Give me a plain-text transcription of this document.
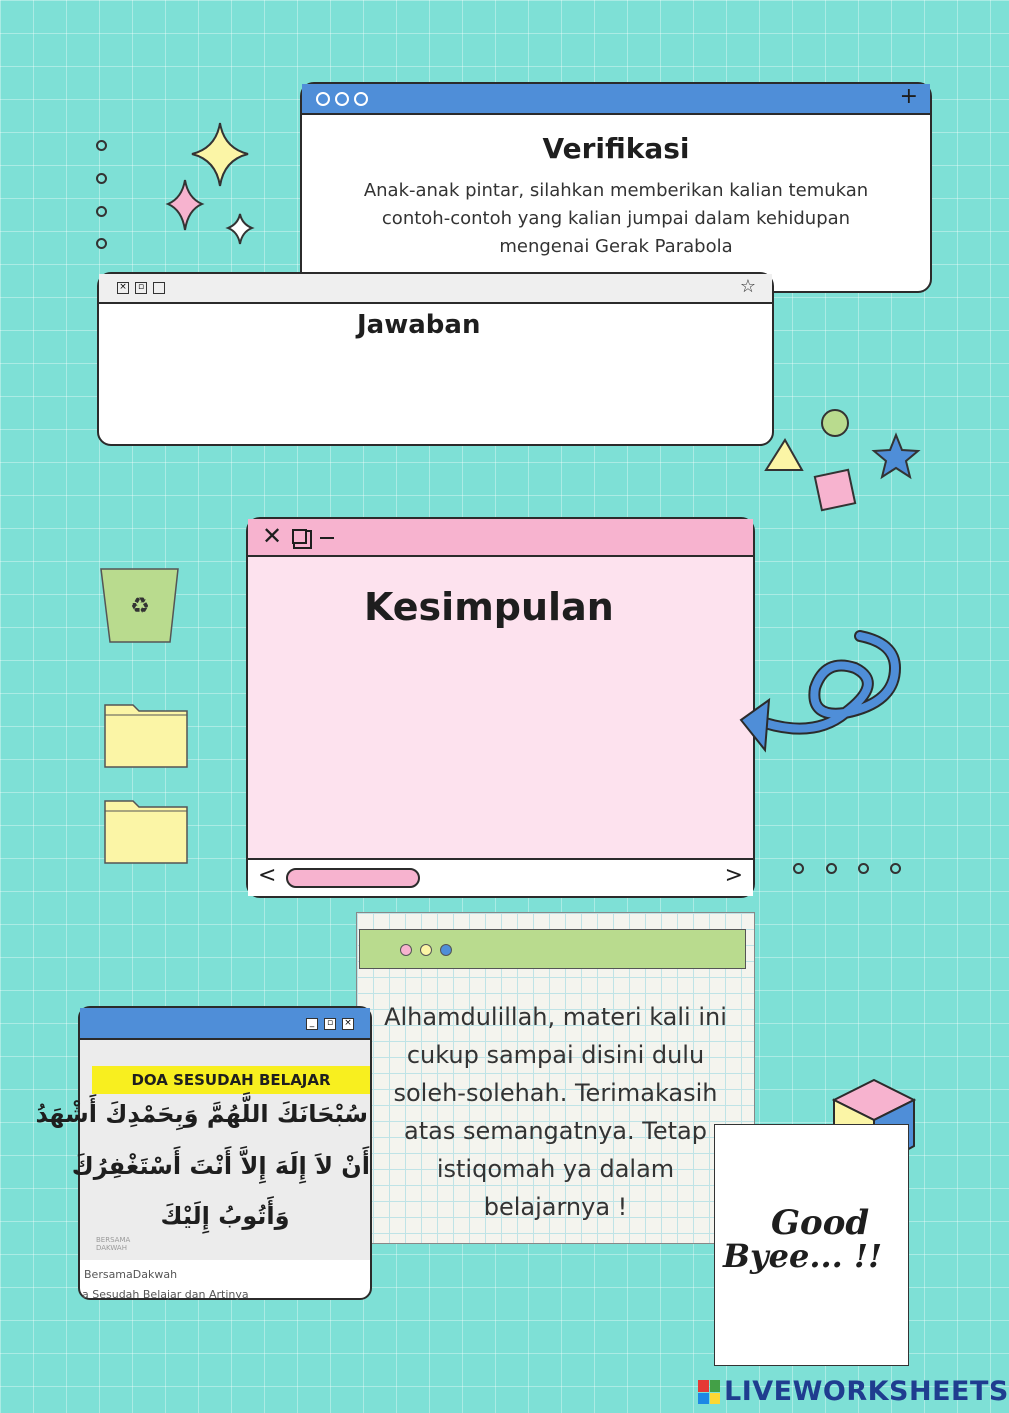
+
Verifikasi
Anak-anak pintar, silahkan memberikan kalian temukan
contoh-contoh yang kalian jumpai dalam kehidupan
mengenai Gerak Parabola
×	▫	☆
Jawaban
♻
✕
Kesimpulan
<	>
Alhamdulillah, materi kali ini
cukup sampai disini dulu
soleh-solehah. Terimakasih
atas semangatnya. Tetap
istiqomah ya dalam
belajarnya !
_	▫	×
DOA SESUDAH BELAJAR
سُبْحَانَكَ اللَّهُمَّ وَبِحَمْدِكَ أَشْهَدُ
أَنْ لاَ إِلَهَ إِلاَّ أَنْتَ أَسْتَغْفِرُكَ
وَأَتُوبُ إِلَيْكَ
BERSAMA DAKWAH
BersamaDakwah
a Sesudah Belajar dan Artinya
Good
Byee... !!
LIVEWORKSHEETS
